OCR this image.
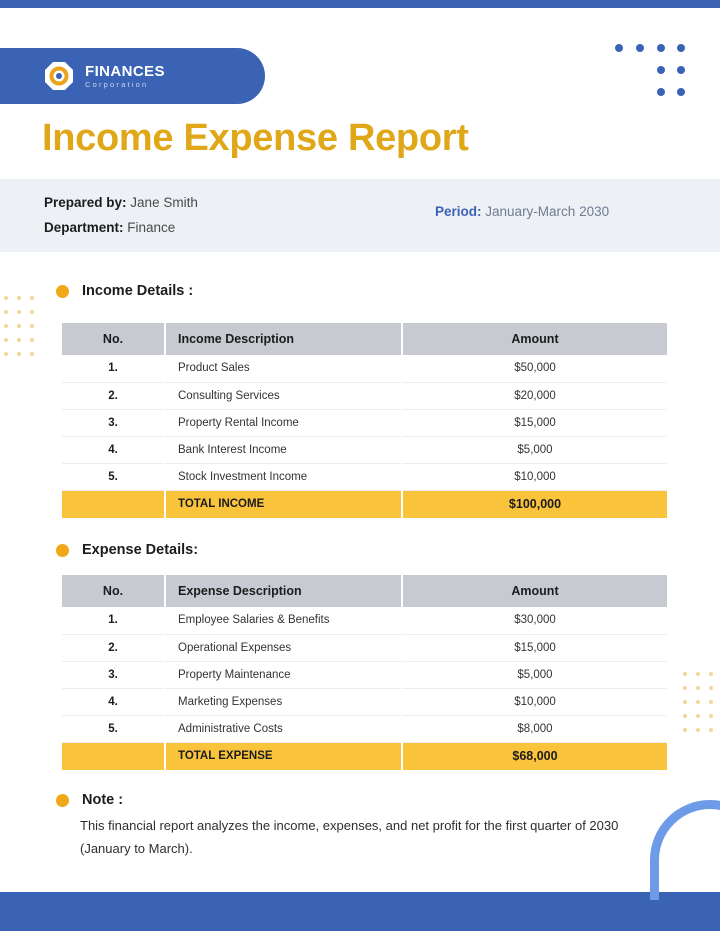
FINANCES
Corporation
Income Expense Report
Prepared by: Jane Smith
Department: Finance
Period: January-March 2030
Income Details :
No.	Income Description	Amount
1.	Product Sales	$50,000
2.	Consulting Services	$20,000
3.	Property Rental Income	$15,000
4.	Bank Interest Income	$5,000
5.	Stock Investment Income	$10,000
	TOTAL INCOME	$100,000
Expense Details:
No.	Expense Description	Amount
1.	Employee Salaries & Benefits	$30,000
2.	Operational Expenses	$15,000
3.	Property Maintenance	$5,000
4.	Marketing Expenses	$10,000
5.	Administrative Costs	$8,000
	TOTAL EXPENSE	$68,000
Note :

This financial report analyzes the income, expenses, and net profit for the first quarter of 2030 (January to March).
